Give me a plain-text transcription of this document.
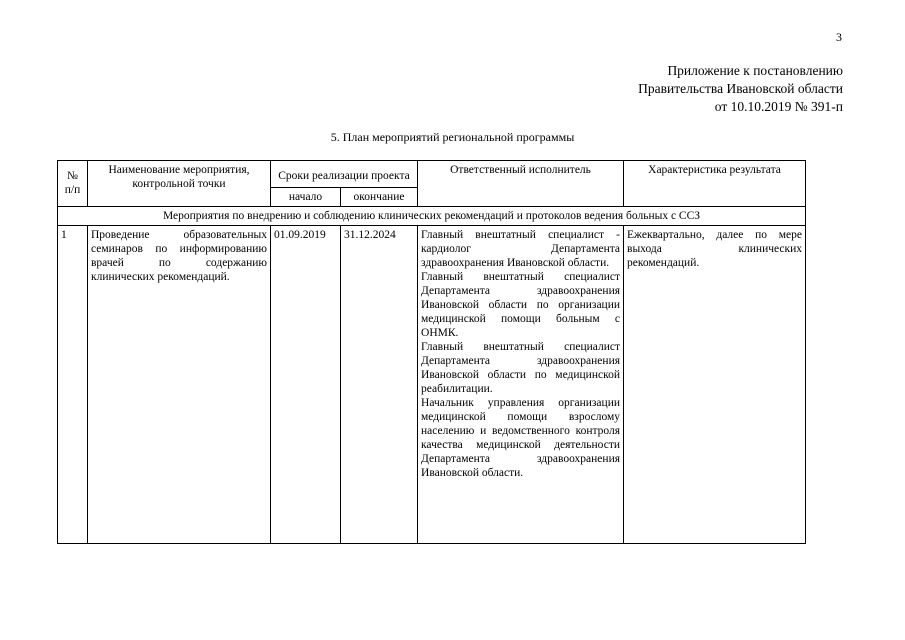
3
Приложение к постановлению
Правительства Ивановской области
от 10.10.2019 № 391-п
5. План мероприятий региональной программы
№ п/п	Наименование мероприятия, контрольной точки	Сроки реализации проекта		Ответственный исполнитель	Характеристика результата
		начало	окончание		
Мероприятия по внедрению и соблюдению клинических рекомендаций и протоколов ведения больных с ССЗ					
1	Проведение образовательных семинаров по информированию врачей по содержанию клинических рекомендаций.	01.09.2019	31.12.2024	Главный внештатный специалист - кардиолог Департамента здравоохранения Ивановской области.
Главный внештатный специалист Департамента здравоохранения Ивановской области по организации медицинской помощи больным с ОНМК.
Главный внештатный специалист Департамента здравоохранения Ивановской области по медицинской реабилитации.
Начальник управления организации медицинской помощи взрослому населению и ведомственного контроля качества медицинской деятельности Департамента здравоохранения Ивановской области.	Ежеквартально, далее по мере выхода клинических рекомендаций.
